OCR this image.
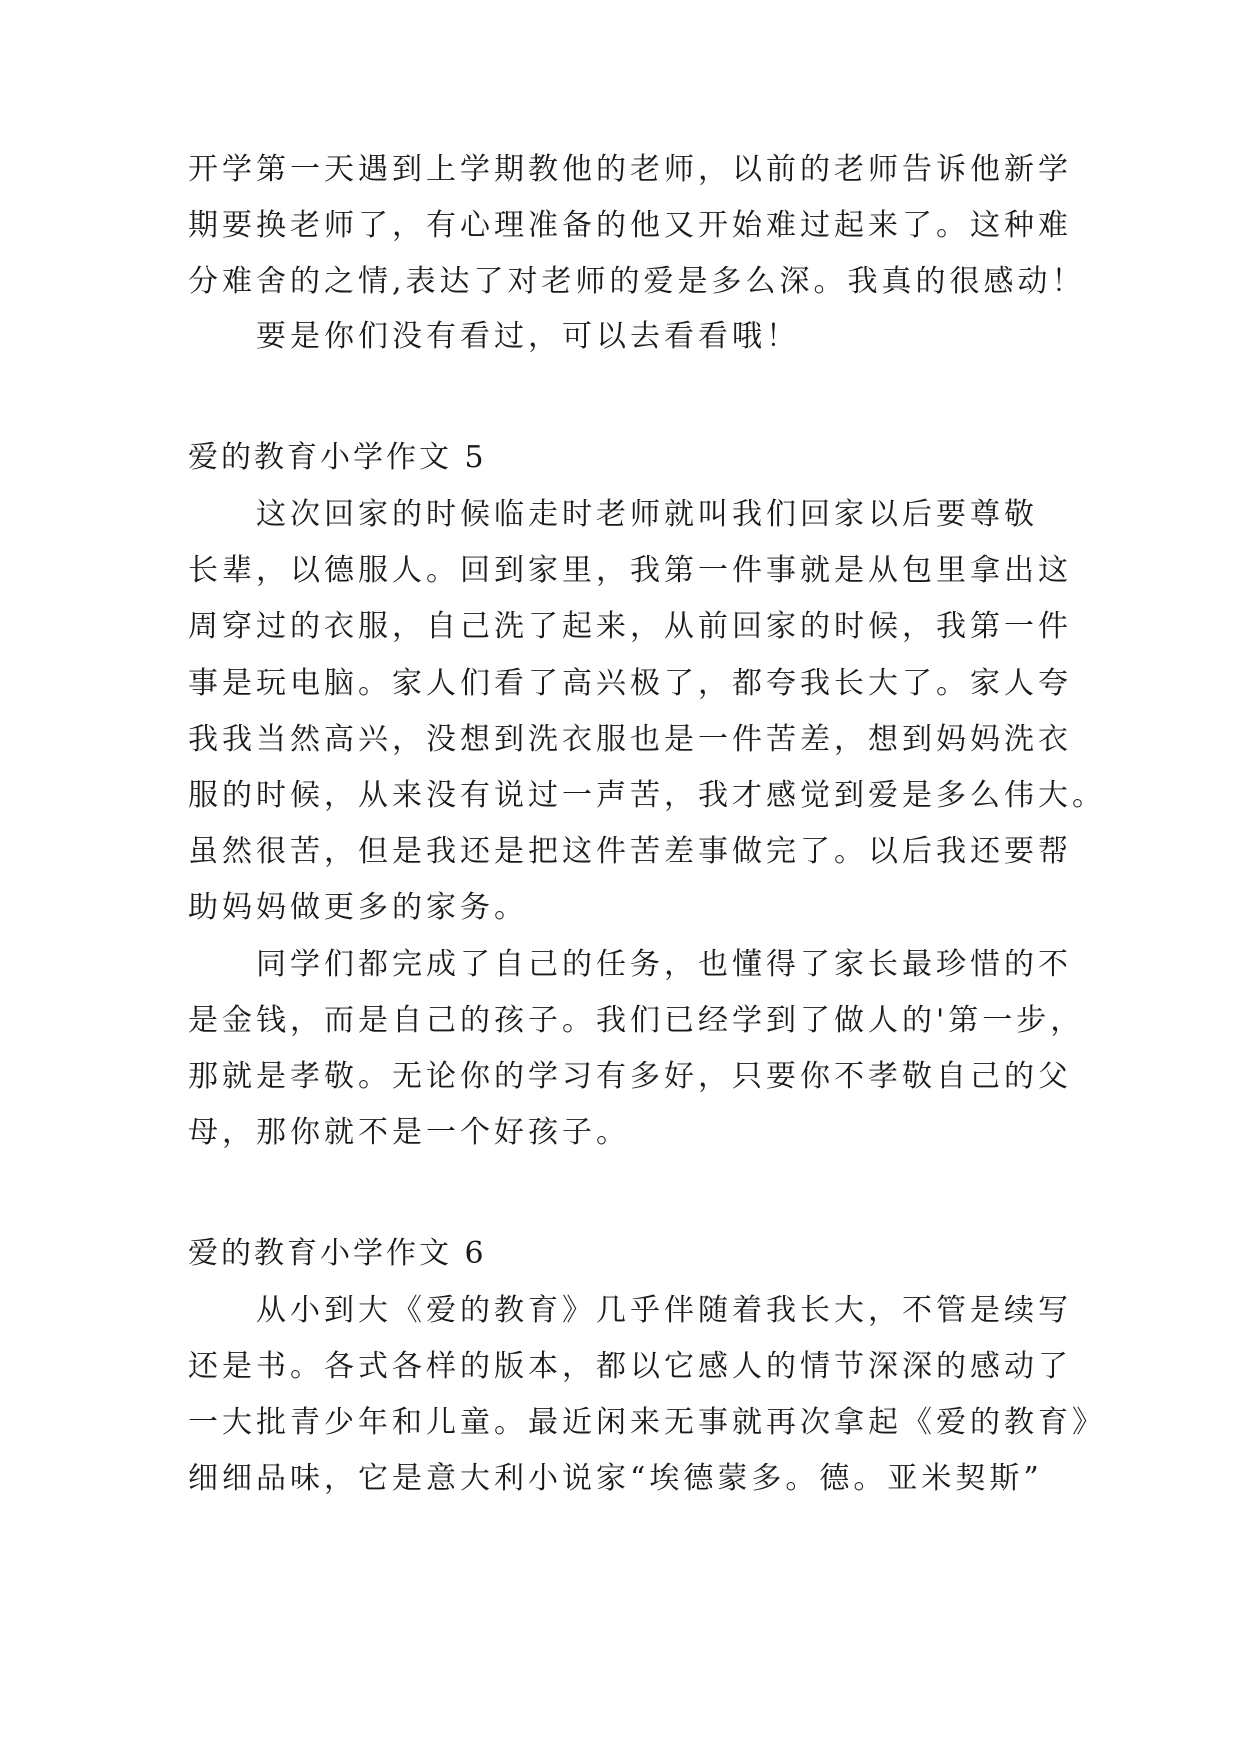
开学第一天遇到上学期教他的老师，以前的老师告诉他新学
期要换老师了，有心理准备的他又开始难过起来了。这种难
分难舍的之情,表达了对老师的爱是多么深。我真的很感动！
要是你们没有看过，可以去看看哦！
爱的教育小学作文 5
这次回家的时候临走时老师就叫我们回家以后要尊敬
长辈，以德服人。回到家里，我第一件事就是从包里拿出这
周穿过的衣服，自己洗了起来，从前回家的时候，我第一件
事是玩电脑。家人们看了高兴极了，都夸我长大了。家人夸
我我当然高兴，没想到洗衣服也是一件苦差，想到妈妈洗衣
服的时候，从来没有说过一声苦，我才感觉到爱是多么伟大。
虽然很苦，但是我还是把这件苦差事做完了。以后我还要帮
助妈妈做更多的家务。
同学们都完成了自己的任务，也懂得了家长最珍惜的不
是金钱，而是自己的孩子。我们已经学到了做人的'第一步，
那就是孝敬。无论你的学习有多好，只要你不孝敬自己的父
母，那你就不是一个好孩子。
爱的教育小学作文 6
从小到大《爱的教育》几乎伴随着我长大，不管是续写
还是书。各式各样的版本，都以它感人的情节深深的感动了
一大批青少年和儿童。最近闲来无事就再次拿起《爱的教育》
细细品味，它是意大利小说家“埃德蒙多。德。亚米契斯”
